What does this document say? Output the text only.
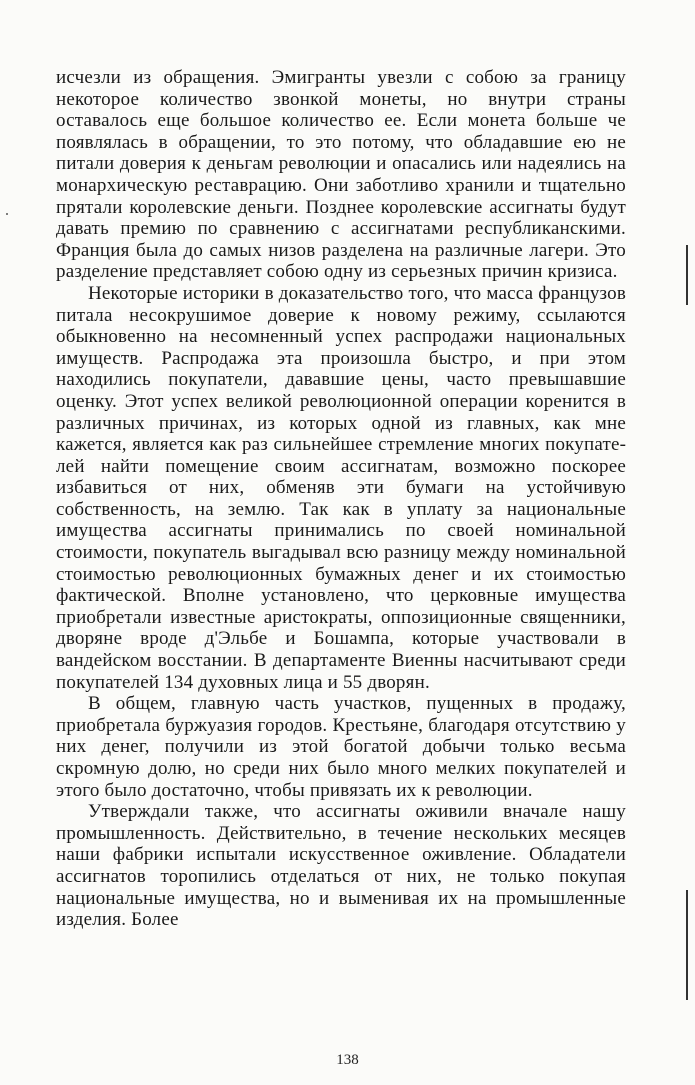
исчезли из обращения. Эмигранты увезли с собою за границу некоторое количество звонкой монеты, но внутри страны оставалось еще большое количество ее. Если монета больше че появлялась в обращении, то это потому, что обладавшие ею не питали доверия к деньгам революции и опасались или надеялись на монархическую реставрацию. Они заботливо хранили и тщательно прятали королевские деньги. Позднее королевские ассигнаты будут давать премию по сравнению с ассигнатами республиканскими. Франция была до самых низов разделена на различные лагери. Это разделение представляет собою одну из серьезных причин кризиса.

Некоторые историки в доказательство того, что масса французов питала несокрушимое доверие к новому режиму, ссылаются обыкновенно на несомненный успех распродажи национальных имуществ. Распродажа эта произошла быстро, и при этом находились покупатели, дававшие цены, часто превышавшие оценку. Этот успех великой революционной операции коренится в различных причинах, из которых одной из главных, как мне кажется, является как раз сильнейшее стремление многих покупателей найти помещение своим ассигнатам, возможно поскорее избавиться от них, обменяв эти бумаги на устойчивую собственность, на землю. Так как в уплату за национальные имущества ассигнаты принимались по своей номинальной стоимости, покупатель выгадывал всю разницу между номинальной стоимостью революционных бумажных денег и их стоимостью фактической. Вполне установлено, что церковные имущества приобретали известные аристократы, оппозиционные священники, дворяне вроде д'Эльбе и Бошампа, которые участвовали в вандейском восстании. В департаменте Виенны насчитывают среди покупателей 134 духовных лица и 55 дворян.

В общем, главную часть участков, пущенных в продажу, приобретала буржуазия городов. Крестьяне, благодаря отсутствию у них денег, получили из этой богатой добычи только весьма скромную долю, но среди них было много мелких покупателей и этого было достаточно, чтобы привязать их к революции.

Утверждали также, что ассигнаты оживили вначале нашу промышленность. Действительно, в течение нескольких месяцев наши фабрики испытали искусственное оживление. Обладатели ассигнатов торопились отделаться от них, не только покупая национальные имущества, но и выменивая их на промышленные изделия. Более

138
